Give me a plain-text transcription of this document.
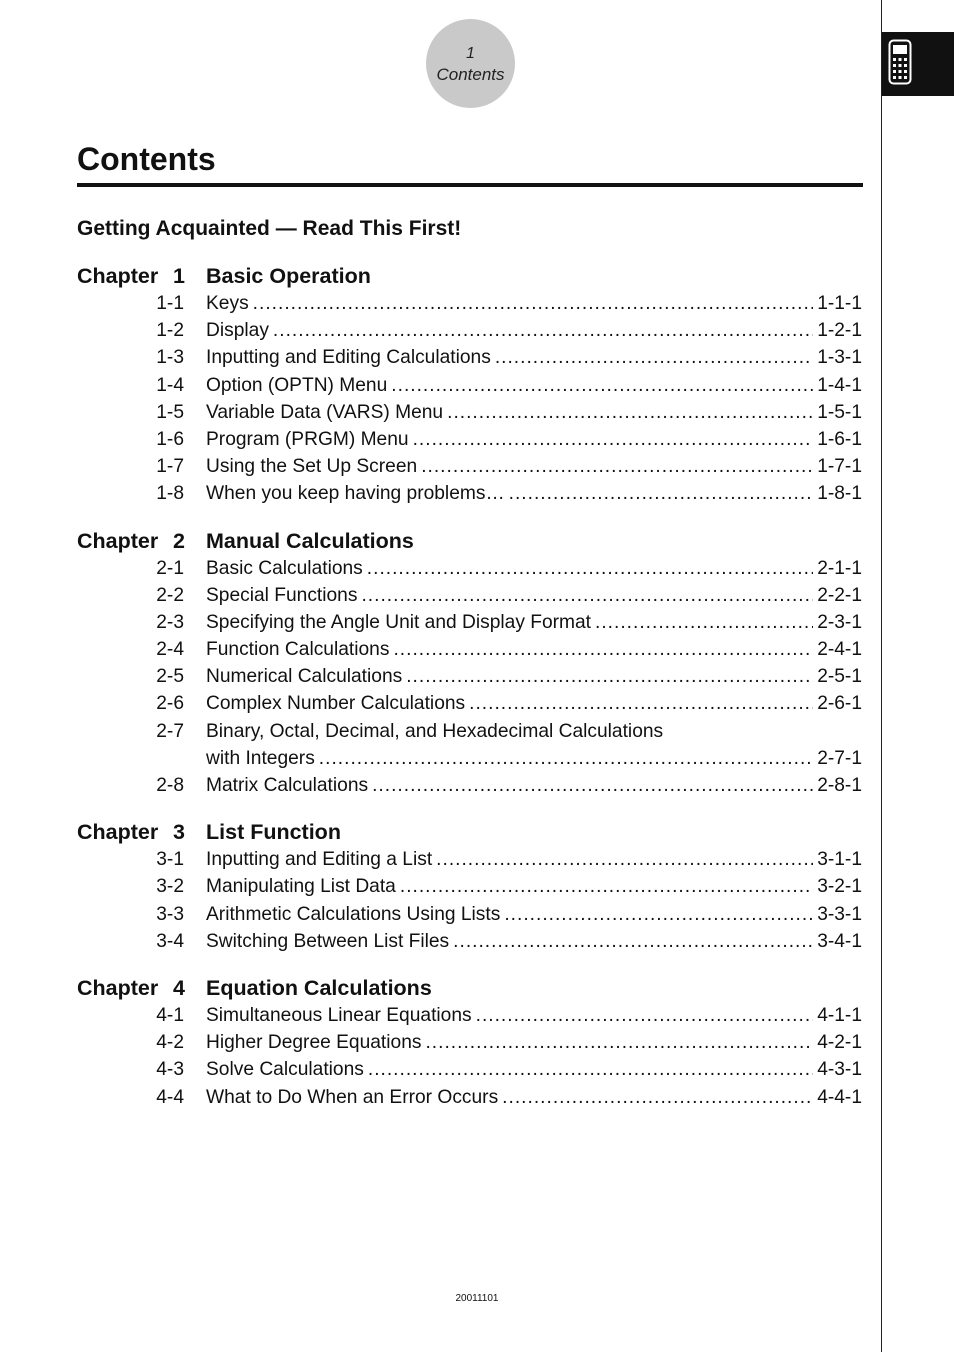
1
Contents
Contents
Getting Acquainted — Read This First!
Chapter 1 Basic Operation
1-1 Keys .....	1-1-1
1-2 Display .....	1-2-1
1-3 Inputting and Editing Calculations .....	1-3-1
1-4 Option (OPTN) Menu .....	1-4-1
1-5 Variable Data (VARS) Menu .....	1-5-1
1-6 Program (PRGM) Menu .....	1-6-1
1-7 Using the Set Up Screen .....	1-7-1
1-8 When you keep having problems… .....	1-8-1
Chapter 2 Manual Calculations
2-1 Basic Calculations .....	2-1-1
2-2 Special Functions .....	2-2-1
2-3 Specifying the Angle Unit and Display Format .....	2-3-1
2-4 Function Calculations .....	2-4-1
2-5 Numerical Calculations .....	2-5-1
2-6 Complex Number Calculations .....	2-6-1
2-7 Binary, Octal, Decimal, and Hexadecimal Calculations
with Integers .....	2-7-1
2-8 Matrix Calculations .....	2-8-1
Chapter 3 List Function
3-1 Inputting and Editing a List .....	3-1-1
3-2 Manipulating List Data .....	3-2-1
3-3 Arithmetic Calculations Using Lists .....	3-3-1
3-4 Switching Between List Files .....	3-4-1
Chapter 4 Equation Calculations
4-1 Simultaneous Linear Equations .....	4-1-1
4-2 Higher Degree Equations .....	4-2-1
4-3 Solve Calculations .....	4-3-1
4-4 What to Do When an Error Occurs .....	4-4-1
20011101
